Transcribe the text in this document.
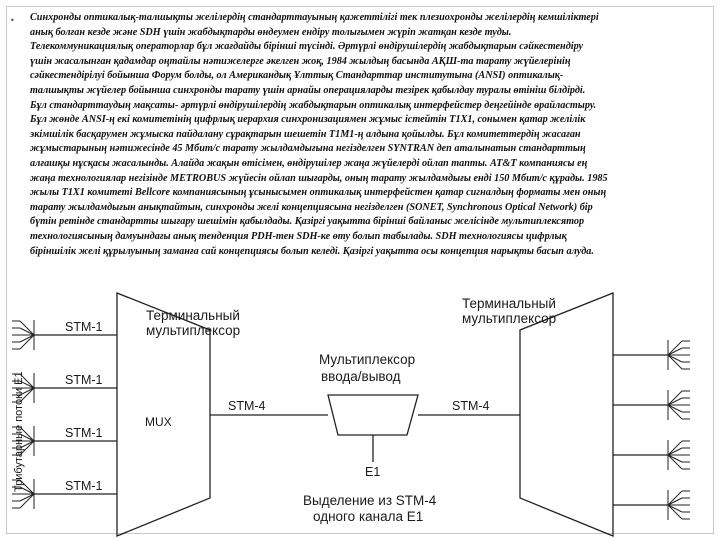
• Синхронды оптикалық-талшықты желілердің стандарттауының қажеттілігі тек плезиохронды желілердің кемшіліктері
анық болған кезде және SDH үшін жабдықтарды өндеумен ендіру толығымен жүріп жатқан кезде туды.
Телекоммуникациялық операторлар бұл жағдайды бірінші түсінді. Әртүрлі өндірушілердің жабдықтарын сәйкестендіру
үшін жасалынған қадамдар оңтайлы нәтижелерге әкелген жоқ, 1984 жылдың басында АҚШ-та тарату жүйелерінің
сәйкестендірілуі бойынша Форум болды, ол Американдық Ұлттық Стандарттар институтына (ANSI) оптикалық-
талшықты жүйелер бойынша синхронды тарату үшін арнайы операцияларды тезірек қабылдау туралы өтініш білдірді.
Бұл стандарттаудың мақсаты- әртүрлі өндірушілердің жабдықтарын оптикалық интерфейстер деңгейінде өрайластыру.
Бұл жөнде ANSI-ң екі комитетінің цифрлық иерархия синхронизациямен жұмыс істейтін T1X1, сонымен қатар желілік
экімшілік басқарумен жұмыска пайдалану сұрақтарын шешетін T1M1-ң алдына қойылды. Бұл комитеттердің жасаған
жұмыстарының нәтижесінде 45 Мбит/с тарату жылдамдығына негізделген SYNTRAN деп аталынатын стандарттың
алғашқы нұсқасы жасалынды. Алайда жақын өтісімен, өндірушілер жаңа жүйелерді ойлап тапты. AT&T компаниясы ең
жаңа технологиялар негізінде METROBUS жүйесін ойлап шығарды, оның тарату жылдамдығы енді 150 Мбит/с құрады. 1985
жылы T1X1 комитеті Bellcore компаниясының ұсынысымен оптикалық интерфейстен қатар сигналдың форматы мен оның
тарату жылдамдығын анықтайтын, синхронды желі концепциясына негізделген (SONET, Synchronous Optical Network) бір
бүтін ретінде стандартты шығару шешімін қабылдады. Қазіргі уақытта бірінші байланыс желісінде мультиплексятор
технологиясының дамуындағы анық тенденция PDH-тен SDH-ке өту болып табылады. SDH технологиясы цифрлық
біріншілік желі құрылуының заманға сай концепциясы болып келеді. Қазіргі уақытта осы концепция нарықты басып алуда.

Терминальный
мультиплексор
Терминальный
мультиплексор
STM-1
STM-1
STM-1
STM-1
Трибутарные потоки Е1	MUX
STM-4	STM-4
Мультиплексор
ввода/вывод
E1
Выделение из STM-4
одного канала Е1
